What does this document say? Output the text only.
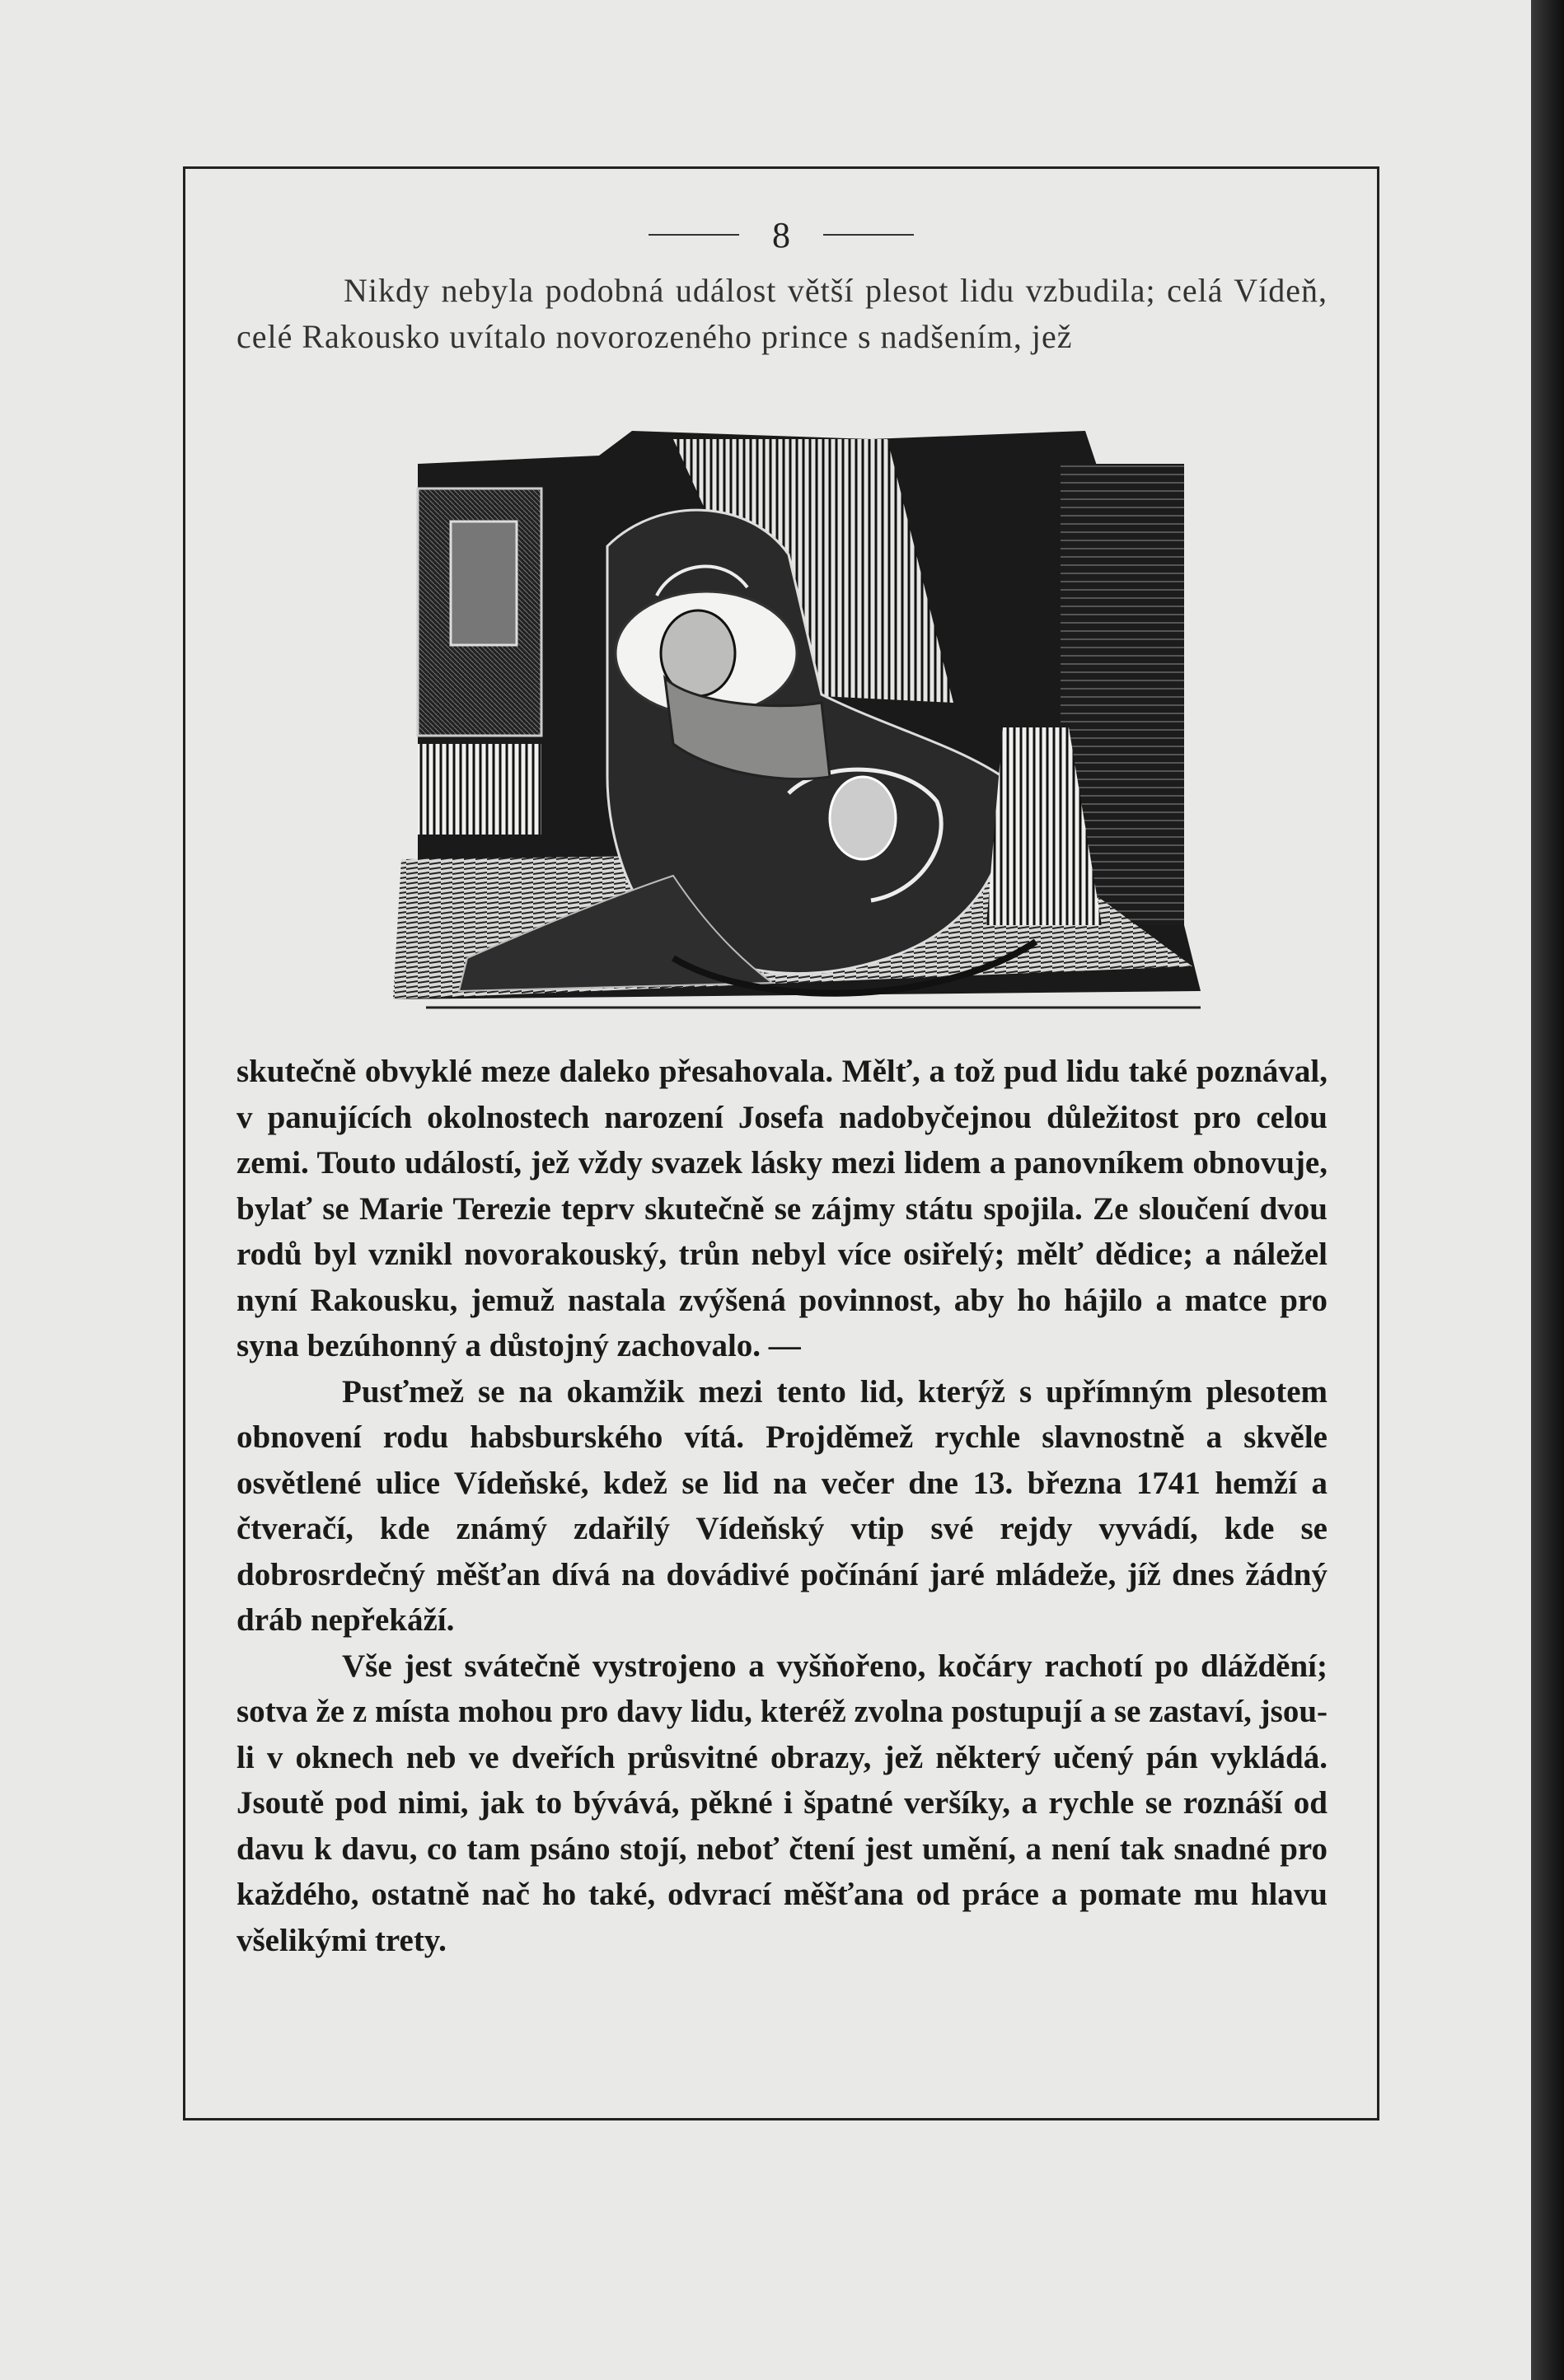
8

Nikdy nebyla podobná událost větší plesot lidu vzbudila; celá Vídeň, celé Rakousko uvítalo novorozeného prince s nadšením, jež

skutečně obvyklé meze daleko přesahovala. Mělť, a tož pud lidu také poznával, v panujících okolnostech narození Josefa nadobyčejnou důležitost pro celou zemi. Touto událostí, jež vždy svazek lásky mezi lidem a panovníkem obnovuje, bylať se Marie Terezie teprv skutečně se zájmy státu spojila. Ze sloučení dvou rodů byl vznikl novorakouský, trůn nebyl více osiřelý; mělť dědice; a náležel nyní Rakousku, jemuž nastala zvýšená povinnost, aby ho hájilo a matce pro syna bezúhonný a důstojný zachovalo. —

Pusťmež se na okamžik mezi tento lid, kterýž s upřímným plesotem obnovení rodu habsburského vítá. Projděmež rychle slavnostně a skvěle osvětlené ulice Vídeňské, kdež se lid na večer dne 13. března 1741 hemží a čtveračí, kde známý zdařilý Vídeňský vtip své rejdy vyvádí, kde se dobrosrdečný měšťan dívá na dovádivé počínání jaré mládeže, jíž dnes žádný dráb nepřekáží.

Vše jest svátečně vystrojeno a vyšňořeno, kočáry rachotí po dláždění; sotva že z místa mohou pro davy lidu, kteréž zvolna postupují a se zastaví, jsou-li v oknech neb ve dveřích průsvitné obrazy, jež některý učený pán vykládá. Jsoutě pod nimi, jak to bývává, pěkné i špatné veršíky, a rychle se roznáší od davu k davu, co tam psáno stojí, neboť čtení jest umění, a není tak snadné pro každého, ostatně nač ho také, odvrací měšťana od práce a pomate mu hlavu všelikými trety.
